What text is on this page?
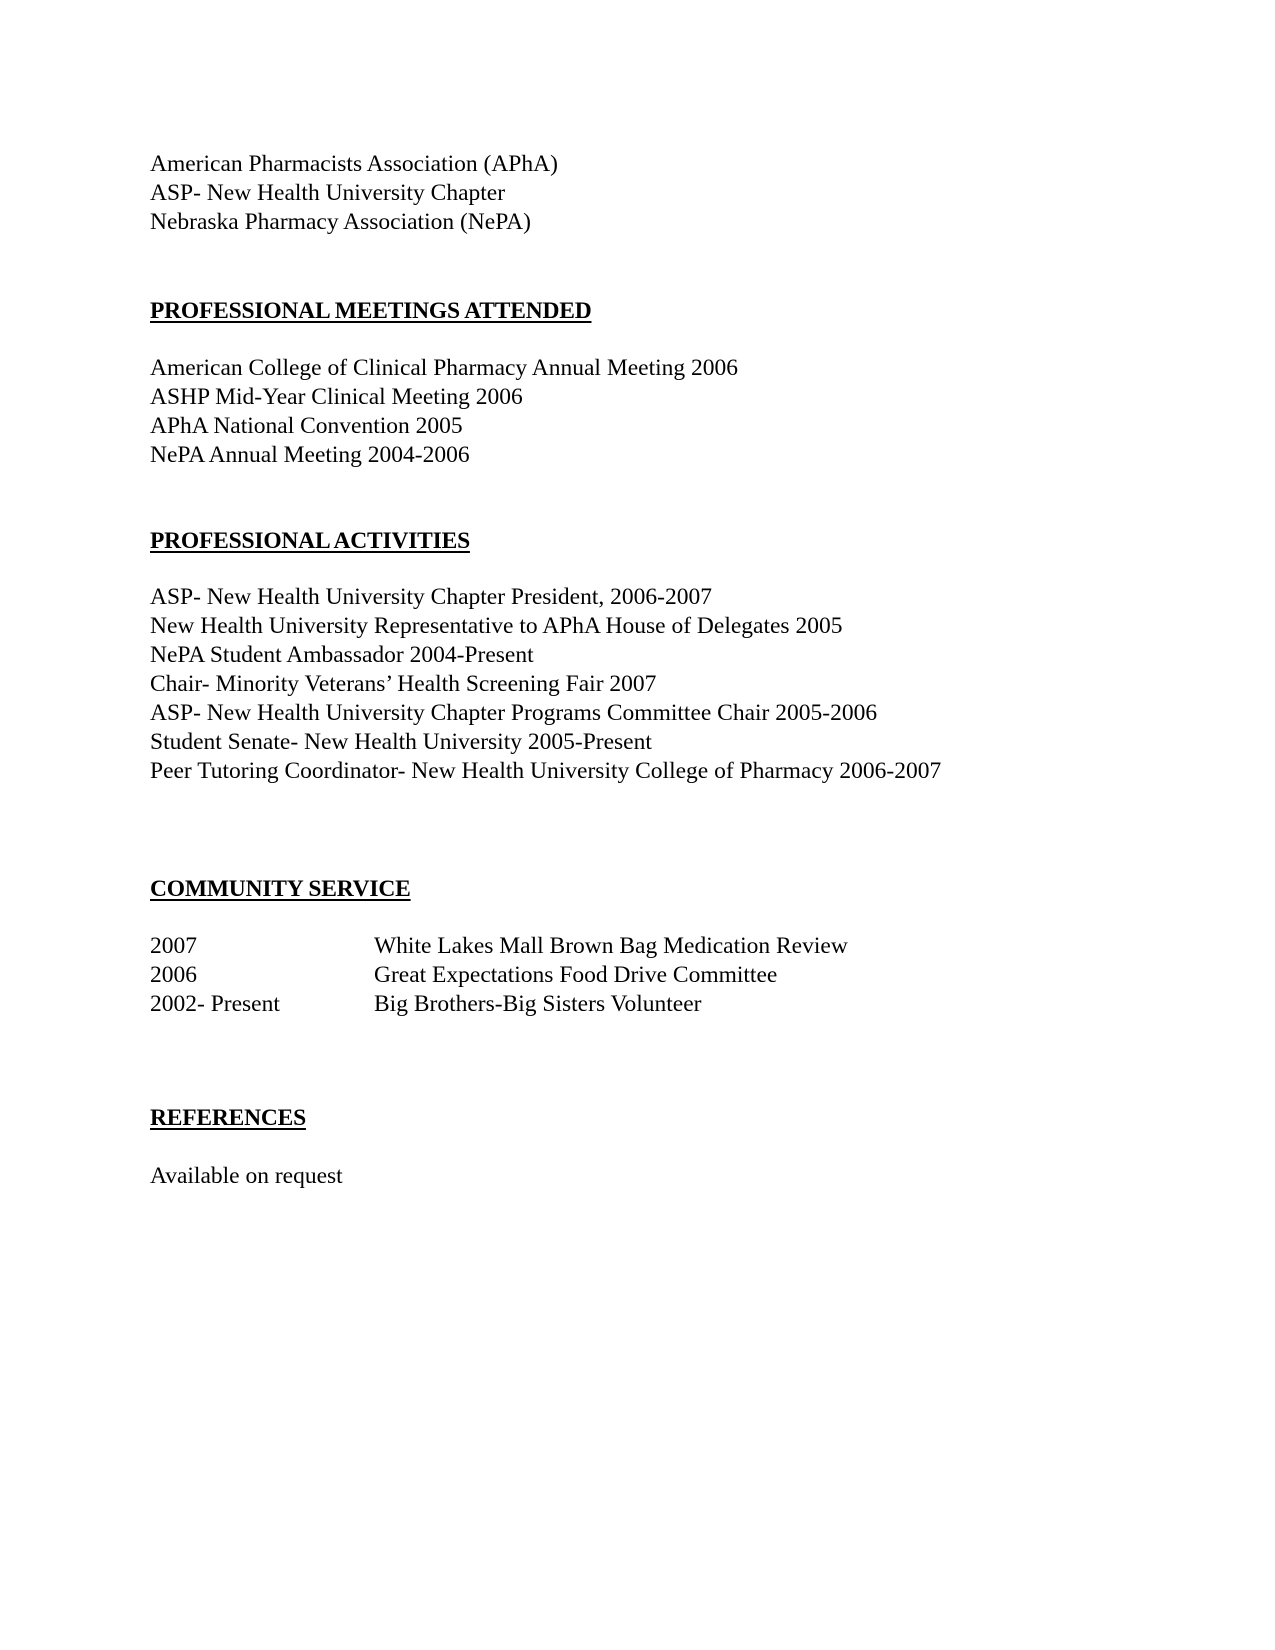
American Pharmacists Association (APhA)
ASP- New Health University Chapter
Nebraska Pharmacy Association (NePA)
PROFESSIONAL MEETINGS ATTENDED
American College of Clinical Pharmacy Annual Meeting 2006
ASHP Mid-Year Clinical Meeting 2006
APhA National Convention 2005
NePA Annual Meeting 2004-2006
PROFESSIONAL ACTIVITIES
ASP- New Health University Chapter President, 2006-2007
New Health University Representative to APhA House of Delegates 2005
NePA Student Ambassador 2004-Present
Chair- Minority Veterans’ Health Screening Fair 2007
ASP- New Health University Chapter Programs Committee Chair 2005-2006
Student Senate- New Health University 2005-Present
Peer Tutoring Coordinator- New Health University College of Pharmacy 2006-2007
COMMUNITY SERVICE
2007	White Lakes Mall Brown Bag Medication Review
2006	Great Expectations Food Drive Committee
2002- Present	Big Brothers-Big Sisters Volunteer
REFERENCES
Available on request
